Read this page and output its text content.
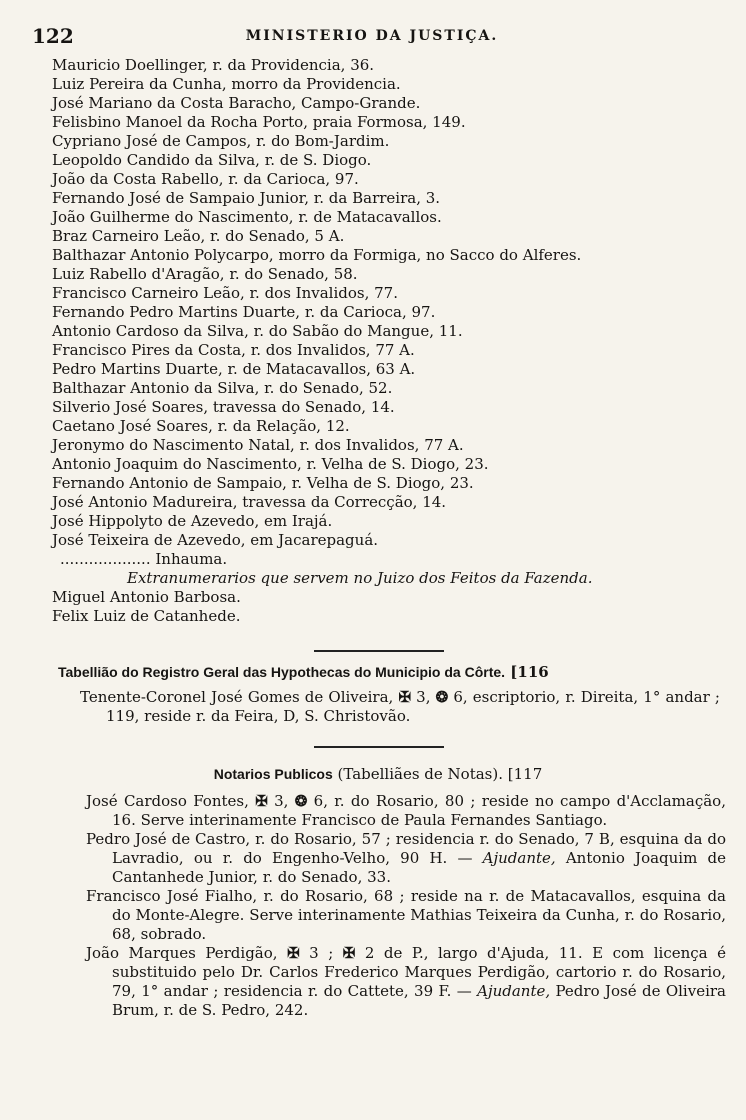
122	MINISTERIO DA JUSTIÇA.
Mauricio Doellinger, r. da Providencia, 36.
Luiz Pereira da Cunha, morro da Providencia.
José Mariano da Costa Baracho, Campo-Grande.
Felisbino Manoel da Rocha Porto, praia Formosa, 149.
Cypriano José de Campos, r. do Bom-Jardim.
Leopoldo Candido da Silva, r. de S. Diogo.
João da Costa Rabello, r. da Carioca, 97.
Fernando José de Sampaio Junior, r. da Barreira, 3.
João Guilherme do Nascimento, r. de Matacavallos.
Braz Carneiro Leão, r. do Senado, 5 A.
Balthazar Antonio Polycarpo, morro da Formiga, no Sacco do Alferes.
Luiz Rabello d'Aragão, r. do Senado, 58.
Francisco Carneiro Leão, r. dos Invalidos, 77.
Fernando Pedro Martins Duarte, r. da Carioca, 97.
Antonio Cardoso da Silva, r. do Sabão do Mangue, 11.
Francisco Pires da Costa, r. dos Invalidos, 77 A.
Pedro Martins Duarte, r. de Matacavallos, 63 A.
Balthazar Antonio da Silva, r. do Senado, 52.
Silverio José Soares, travessa do Senado, 14.
Caetano José Soares, r. da Relação, 12.
Jeronymo do Nascimento Natal, r. dos Invalidos, 77 A.
Antonio Joaquim do Nascimento, r. Velha de S. Diogo, 23.
Fernando Antonio de Sampaio, r. Velha de S. Diogo, 23.
José Antonio Madureira, travessa da Correcção, 14.
José Hippolyto de Azevedo, em Irajá.
José Teixeira de Azevedo, em Jacarepaguá.
................... Inhauma.
Extranumerarios que servem no Juizo dos Feitos da Fazenda.
Miguel Antonio Barbosa.
Felix Luiz de Catanhede.
Tabellião do Registro Geral das Hypothecas do Municipio da Côrte. [116
Tenente-Coronel José Gomes de Oliveira, ✠ 3, ❂ 6, escriptorio, r. Direita, 1° andar ; 119, reside r. da Feira, D, S. Christovão.
Notarios Publicos (Tabelliães de Notas). [117
José Cardoso Fontes, ✠ 3, ❂ 6, r. do Rosario, 80 ; reside no campo d'Acclamação, 16. Serve interinamente Francisco de Paula Fernandes Santiago.
Pedro José de Castro, r. do Rosario, 57 ; residencia r. do Senado, 7 B, esquina da do Lavradio, ou r. do Engenho-Velho, 90 H. — Ajudante, Antonio Joaquim de Cantanhede Junior, r. do Senado, 33.
Francisco José Fialho, r. do Rosario, 68 ; reside na r. de Matacavallos, esquina da do Monte-Alegre. Serve interinamente Mathias Teixeira da Cunha, r. do Rosario, 68, sobrado.
João Marques Perdigão, ✠ 3 ; ✠ 2 de P., largo d'Ajuda, 11. E com licença é substituido pelo Dr. Carlos Frederico Marques Perdigão, cartorio r. do Rosario, 79, 1° andar ; residencia r. do Cattete, 39 F. — Ajudante, Pedro José de Oliveira Brum, r. de S. Pedro, 242.
